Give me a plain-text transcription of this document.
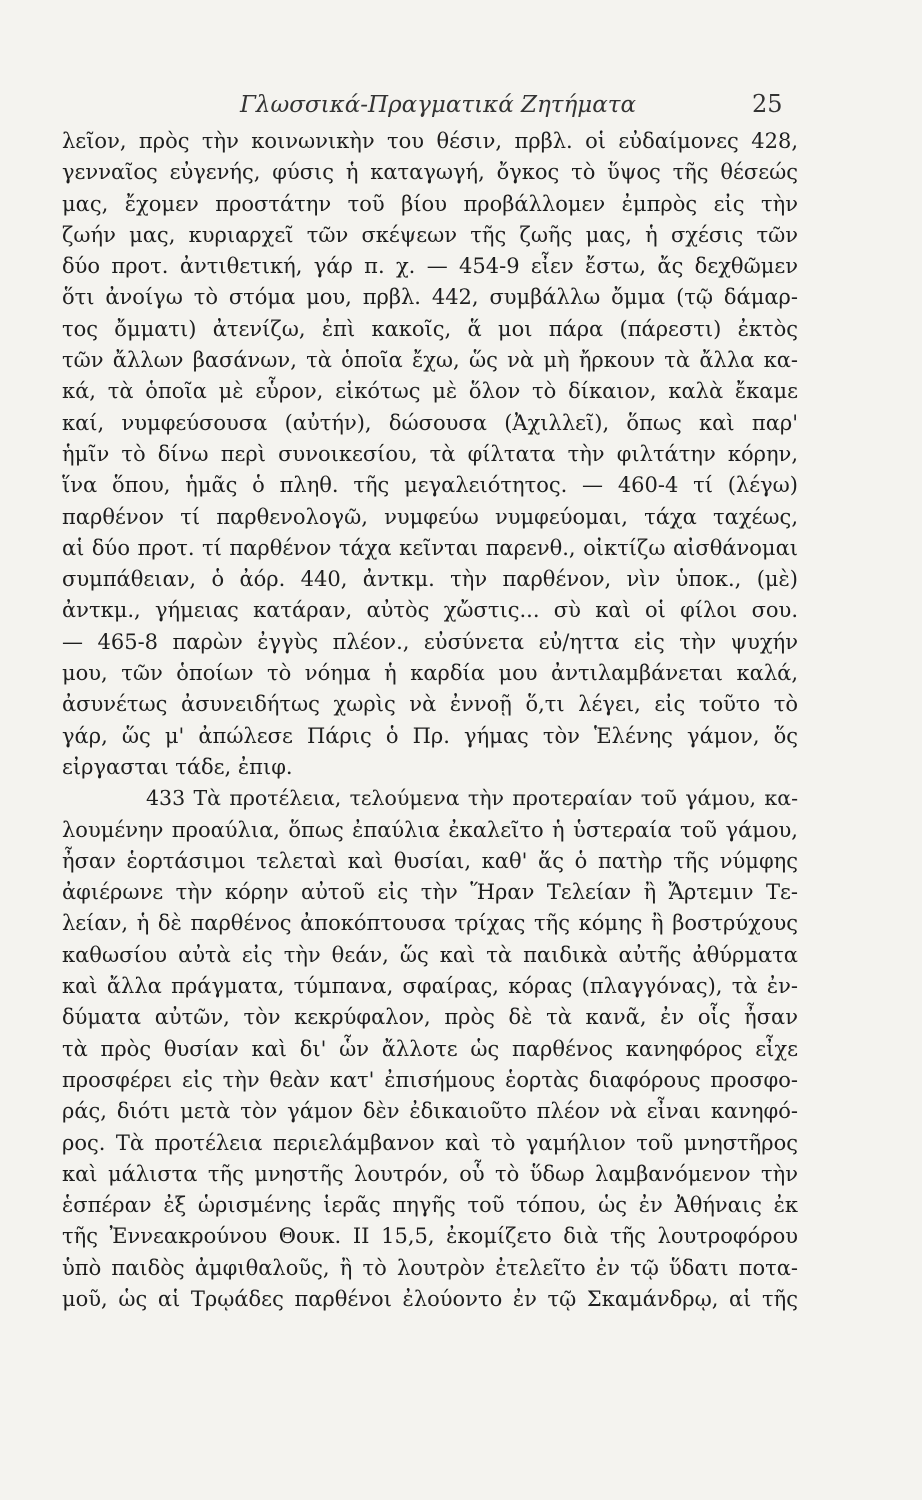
Γλωσσικά-Πραγματικά Ζητήματα	25
λεῖον, πρὸς τὴν κοινωνικὴν του θέσιν, πρβλ. οἱ εὐδαίμονες 428,
γενναῖος εὐγενής, φύσις ἡ καταγωγή, ὄγκος τὸ ὕψος τῆς θέσεώς
μας, ἔχομεν προστάτην τοῦ βίου προβάλλομεν ἐμπρὸς εἰς τὴν
ζωήν μας, κυριαρχεῖ τῶν σκέψεων τῆς ζωῆς μας, ἡ σχέσις τῶν
δύο προτ. ἀντιθετική, γάρ π. χ. — 454-9 εἶεν ἔστω, ἄς δεχθῶμεν
ὅτι ἀνοίγω τὸ στόμα μου, πρβλ. 442, συμβάλλω ὄμμα (τῷ δάμαρ-
τος ὄμματι) ἀτενίζω, ἐπὶ κακοῖς, ἅ μοι πάρα (πάρεστι) ἐκτὸς
τῶν ἄλλων βασάνων, τὰ ὁποῖα ἔχω, ὥς νὰ μὴ ἤρκουν τὰ ἄλλα κα-
κά, τὰ ὁποῖα μὲ εὗρον, εἰκότως μὲ ὅλον τὸ δίκαιον, καλὰ ἔκαμε
καί, νυμφεύσουσα (αὐτήν), δώσουσα (Ἀχιλλεῖ), ὅπως καὶ παρ'
ἡμῖν τὸ δίνω περὶ συνοικεσίου, τὰ φίλτατα τὴν φιλτάτην κόρην,
ἵνα ὅπου, ἡμᾶς ὁ πληθ. τῆς μεγαλειότητος. — 460-4 τί (λέγω)
παρθένον τί παρθενολογῶ, νυμφεύω νυμφεύομαι, τάχα ταχέως,
αἱ δύο προτ. τί παρθένον τάχα κεῖνται παρενθ., οἰκτίζω αἰσθάνομαι
συμπάθειαν, ὁ ἀόρ. 440, ἀντκμ. τὴν παρθένον, νὶν ὑποκ., (μὲ)
ἀντκμ., γήμειας κατάραν, αὐτὸς χὤστις... σὺ καὶ οἱ φίλοι σου.
— 465-8 παρὼν ἐγγὺς πλέον., εὐσύνετα εὐ/ηττα εἰς τὴν ψυχήν
μου, τῶν ὁποίων τὸ νόημα ἡ καρδία μου ἀντιλαμβάνεται καλά,
ἀσυνέτως ἀσυνειδήτως χωρὶς νὰ ἐννοῇ ὅ,τι λέγει, εἰς τοῦτο τὸ
γάρ, ὥς μ' ἀπώλεσε Πάρις ὁ Πρ. γήμας τὸν Ἑλένης γάμον, ὅς
εἰργασται τάδε, ἐπιφ.
433 Τὰ προτέλεια, τελούμενα τὴν προτεραίαν τοῦ γάμου, κα-
λουμένην προαύλια, ὅπως ἐπαύλια ἐκαλεῖτο ἡ ὑστεραία τοῦ γάμου,
ἦσαν ἑορτάσιμοι τελεταὶ καὶ θυσίαι, καθ' ἅς ὁ πατὴρ τῆς νύμφης
ἀφιέρωνε τὴν κόρην αὐτοῦ εἰς τὴν Ἥραν Τελείαν ἢ Ἄρτεμιν Τε-
λείαν, ἡ δὲ παρθένος ἀποκόπτουσα τρίχας τῆς κόμης ἢ βοστρύχους
καθωσίου αὐτὰ εἰς τὴν θεάν, ὥς καὶ τὰ παιδικὰ αὐτῆς ἀθύρματα
καὶ ἄλλα πράγματα, τύμπανα, σφαίρας, κόρας (πλαγγόνας), τὰ ἐν-
δύματα αὐτῶν, τὸν κεκρύφαλον, πρὸς δὲ τὰ κανᾶ, ἐν οἷς ἦσαν
τὰ πρὸς θυσίαν καὶ δι' ὧν ἄλλοτε ὡς παρθένος κανηφόρος εἶχε
προσφέρει εἰς τὴν θεὰν κατ' ἐπισήμους ἑορτὰς διαφόρους προσφο-
ράς, διότι μετὰ τὸν γάμον δὲν ἐδικαιοῦτο πλέον νὰ εἶναι κανηφό-
ρος. Τὰ προτέλεια περιελάμβανον καὶ τὸ γαμήλιον τοῦ μνηστῆρος
καὶ μάλιστα τῆς μνηστῆς λουτρόν, οὗ τὸ ὕδωρ λαμβανόμενον τὴν
ἑσπέραν ἐξ ὡρισμένης ἱερᾶς πηγῆς τοῦ τόπου, ὡς ἐν Ἀθήναις ἐκ
τῆς Ἐννεακρούνου Θουκ. ΙΙ 15,5, ἐκομίζετο διὰ τῆς λουτροφόρου
ὑπὸ παιδὸς ἀμφιθαλοῦς, ἢ τὸ λουτρὸν ἐτελεῖτο ἐν τῷ ὕδατι ποτα-
μοῦ, ὡς αἱ Τρῳάδες παρθένοι ἐλούοντο ἐν τῷ Σκαμάνδρῳ, αἱ τῆς
